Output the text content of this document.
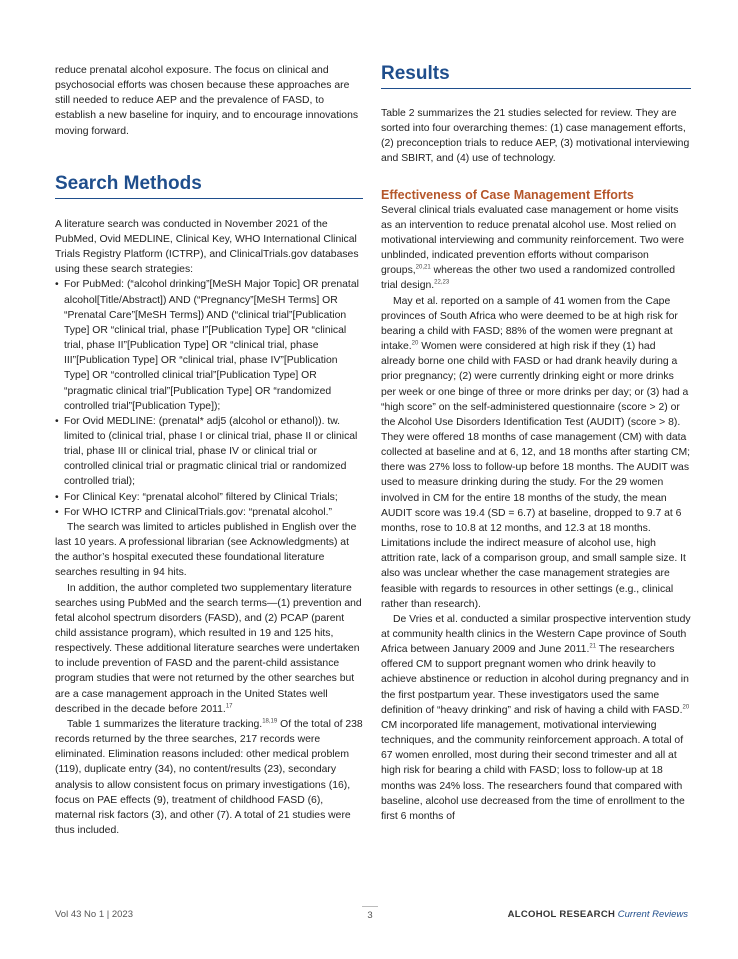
reduce prenatal alcohol exposure. The focus on clinical and psychosocial efforts was chosen because these approaches are still needed to reduce AEP and the prevalence of FASD, to establish a new baseline for inquiry, and to encourage innovations moving forward.

Search Methods

A literature search was conducted in November 2021 of the PubMed, Ovid MEDLINE, Clinical Key, WHO International Clinical Trials Registry Platform (ICTRP), and ClinicalTrials.gov databases using these search strategies:

• For PubMed: (“alcohol drinking”[MeSH Major Topic] OR prenatal alcohol[Title/Abstract]) AND (“Pregnancy”[MeSH Terms] OR “Prenatal Care”[MeSH Terms]) AND (“clinical trial”[Publication Type] OR “clinical trial, phase I”[Publication Type] OR “clinical trial, phase II”[Publication Type] OR “clinical trial, phase III”[Publication Type] OR “clinical trial, phase IV”[Publication Type] OR “controlled clinical trial”[Publication Type] OR “pragmatic clinical trial”[Publication Type] OR “randomized controlled trial”[Publication Type]);
• For Ovid MEDLINE: (prenatal* adj5 (alcohol or ethanol)). tw. limited to (clinical trial, phase I or clinical trial, phase II or clinical trial, phase III or clinical trial, phase IV or clinical trial or controlled clinical trial or pragmatic clinical trial or randomized controlled trial);
• For Clinical Key: “prenatal alcohol” filtered by Clinical Trials;
• For WHO ICTRP and ClinicalTrials.gov: “prenatal alcohol.”

The search was limited to articles published in English over the last 10 years. A professional librarian (see Acknowledgments) at the author’s hospital executed these foundational literature searches resulting in 94 hits.

In addition, the author completed two supplementary literature searches using PubMed and the search terms—(1) prevention and fetal alcohol spectrum disorders (FASD), and (2) PCAP (parent child assistance program), which resulted in 19 and 125 hits, respectively. These additional literature searches were undertaken to include prevention of FASD and the parent-child assistance program studies that were not returned by the other searches but are a case management approach in the United States well described in the decade before 2011.17

Table 1 summarizes the literature tracking.$^{18,19}$ Of the total of 238 records returned by the three searches, 217 records were eliminated. Elimination reasons included: other medical problem (119), duplicate entry (34), no content/results (23), secondary analysis to allow consistent focus on primary investigations (16), focus on PAE effects (9), treatment of childhood FASD (6), maternal risk factors (3), and other (7). A total of 21 studies were thus included.

Results

Table 2 summarizes the 21 studies selected for review. They are sorted into four overarching themes: (1) case management efforts, (2) preconception trials to reduce AEP, (3) motivational interviewing and SBIRT, and (4) use of technology.

Effectiveness of Case Management Efforts

Several clinical trials evaluated case management or home visits as an intervention to reduce prenatal alcohol use. Most relied on motivational interviewing and community reinforcement. Two were unblinded, indicated prevention efforts without comparison groups,$^{20,21}$ whereas the other two used a randomized controlled trial design.$^{22,23}$

May et al. reported on a sample of 41 women from the Cape provinces of South Africa who were deemed to be at high risk for bearing a child with FASD; 88% of the women were pregnant at intake.$^{20}$ Women were considered at high risk if they (1) had already borne one child with FASD or had drank heavily during a prior pregnancy; (2) were currently drinking eight or more drinks per week or one binge of three or more drinks per day; or (3) had a “high score” on the self-administered questionnaire (score > 2) or the Alcohol Use Disorders Identification Test (AUDIT) (score > 8). They were offered 18 months of case management (CM) with data collected at baseline and at 6, 12, and 18 months after starting CM; there was 27% loss to follow-up before 18 months. The AUDIT was used to measure drinking during the study. For the 29 women involved in CM for the entire 18 months of the study, the mean AUDIT score was 19.4 (SD = 6.7) at baseline, dropped to 9.7 at 6 months, rose to 10.8 at 12 months, and 12.3 at 18 months. Limitations include the indirect measure of alcohol use, high attrition rate, lack of a comparison group, and small sample size. It also was unclear whether the case management strategies are feasible with regards to resources in other settings (e.g., clinical rather than research).

De Vries et al. conducted a similar prospective intervention study at community health clinics in the Western Cape province of South Africa between January 2009 and June 2011.21 The researchers offered CM to support pregnant women who drink heavily to achieve abstinence or reduction in alcohol during pregnancy and in the first postpartum year. These investigators used the same definition of “heavy drinking” and risk of having a child with FASD.$^{20}$ CM incorporated life management, motivational interviewing techniques, and the community reinforcement approach. A total of 67 women enrolled, most during their second trimester and all at high risk for bearing a child with FASD; loss to follow-up at 18 months was 24% loss. The researchers found that compared with baseline, alcohol use decreased from the time of enrollment to the first 6 months of

Vol 43 No 1 | 2023	3	ALCOHOL RESEARCH Current Reviews
